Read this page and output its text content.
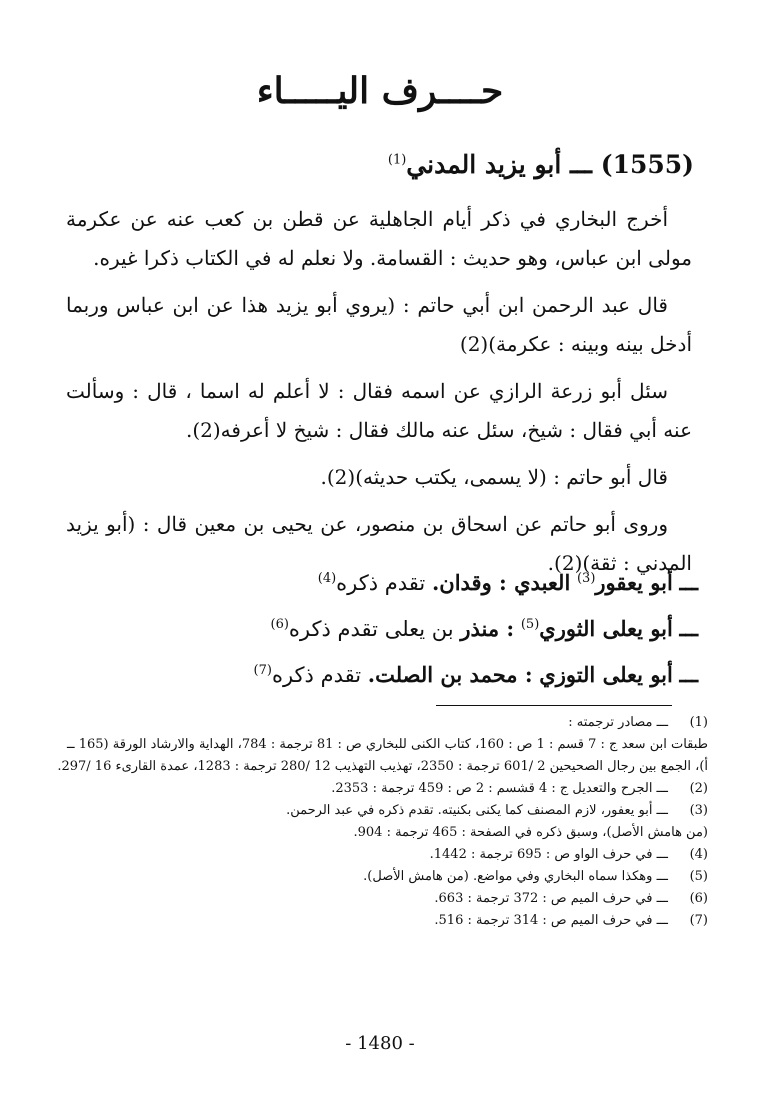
حــــرف اليـــــاء
(1555) ـــ أبو يزيد المدني$^{(1)}$

أخرج البخاري في ذكر أيام الجاهلية عن قطن بن كعب عنه عن عكرمة مولى ابن عباس، وهو حديث : القسامة. ولا نعلم له في الكتاب ذكرا غيره.

قال عبد الرحمن ابن أبي حاتم : (يروي أبو يزيد هذا عن ابن عباس وربما أدخل بينه وبينه : عكرمة)(2)

سئل أبو زرعة الرازي عن اسمه فقال : لا أعلم له اسما ، قال : وسألت عنه أبي فقال : شيخ، سئل عنه مالك فقال : شيخ لا أعرفه(2).

قال أبو حاتم : (لا يسمى، يكتب حديثه)(2).

وروى أبو حاتم عن اسحاق بن منصور، عن يحيى بن معين قال : (أبو يزيد المدني : ثقة)(2).

ـــ أبو يعقور$^{(3)}$ العبدي : وقدان. تقدم ذكره$^{(4)}$
ـــ أبو يعلى الثوري$^{(5)}$ : منذر بن يعلى تقدم ذكره$^{(6)}$
ـــ أبو يعلى التوزي : محمد بن الصلت. تقدم ذكره$^{(7)}$
(1)
ـــ مصادر ترجمته :
طبقات ابن سعد ج : 7 قسم : 1 ص : 160، كتاب الكنى للبخاري ص : 81 ترجمة : 784، الهداية والارشاد الورقة (165 ــ أ)، الجمع بين رجال الصحيحين 2 /601 ترجمة : 2350، تهذيب التهذيب 12 /280 ترجمة : 1283، عمدة القارىء 16 /297.
(2)
ـــ الجرح والتعديل ج : 4 قشسم : 2 ص : 459 ترجمة : 2353.
(3)
ـــ أبو يعفور، لازم المصنف كما يكنى بكنيته. تقدم ذكره في عبد الرحمن.
(من هامش الأصل)، وسبق ذكره في الصفحة : 465 ترجمة : 904.
(4)
ـــ في حرف الواو ص : 695 ترجمة : 1442.
(5)
ـــ وهكذا سماه البخاري وفي مواضع. (من هامش الأصل).
(6)
ـــ في حرف الميم ص : 372 ترجمة : 663.
(7)
ـــ في حرف الميم ص : 314 ترجمة : 516.
- 1480 -
